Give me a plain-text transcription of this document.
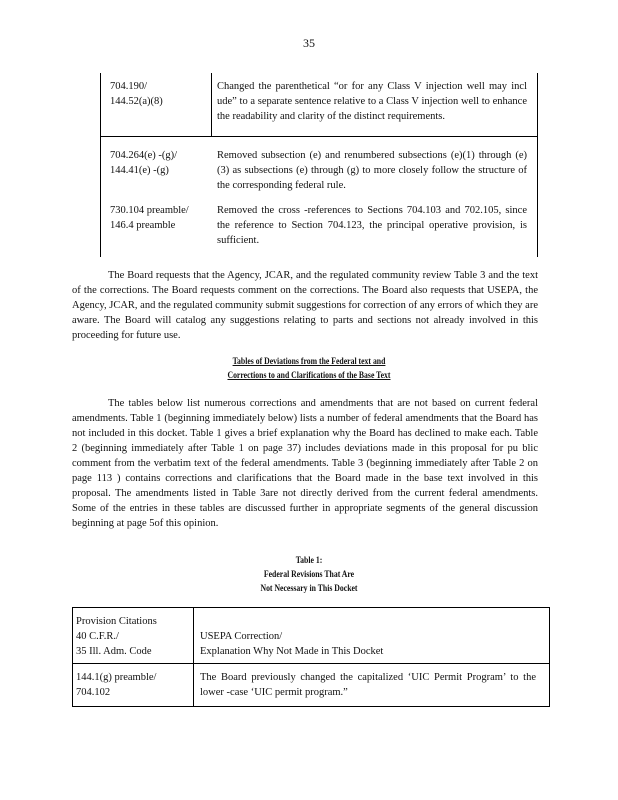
35
704.190/
144.52(a)(8)
Changed the parenthetical “or for any Class V injection well may incl ude” to a separate sentence relative to a Class V injection well to enhance the readability and clarity of the distinct requirements.
704.264(e) -(g)/
144.41(e) -(g)
Removed subsection (e) and renumbered subsections (e)(1) through (e)(3) as subsections (e) through (g) to more closely follow the structure of the corresponding federal rule.
730.104 preamble/
146.4 preamble
Removed the cross -references to Sections 704.103 and 702.105, since the reference to Section 704.123, the principal operative provision, is sufficient.
The Board requests that the Agency, JCAR, and the regulated community review Table 3 and the text of the corrections. The Board requests comment on the corrections. The Board also requests that USEPA, the Agency, JCAR, and the regulated community submit suggestions for correction of any errors of which they are aware. The Board will catalog any suggestions relating to parts and sections not already involved in this proceeding for future use.
Tables of Deviations from the Federal text and
Corrections to and Clarifications of the Base Text
The tables below list numerous corrections and amendments that are not based on current federal amendments. Table 1 (beginning immediately below) lists a number of federal amendments that the Board has not included in this docket. Table 1 gives a brief explanation why the Board has declined to make each. Table 2 (beginning immediately after Table 1 on page 37) includes deviations made in this proposal for pu blic comment from the verbatim text of the federal amendments. Table 3 (beginning immediately after Table 2 on page 113 ) contains corrections and clarifications that the Board made in the base text involved in this proposal. The amendments listed in Table 3are not directly derived from the current federal amendments. Some of the entries in these tables are discussed further in appropriate segments of the general discussion beginning at page 5of this opinion.
Table 1:
Federal Revisions That Are
Not Necessary in This Docket
Provision Citations
40 C.F.R./
35 Ill. Adm. Code
USEPA Correction/
Explanation Why Not Made in This Docket
144.1(g) preamble/
704.102
The Board previously changed the capitalized ‘UIC Permit Program’ to the lower -case ‘UIC permit program.”
